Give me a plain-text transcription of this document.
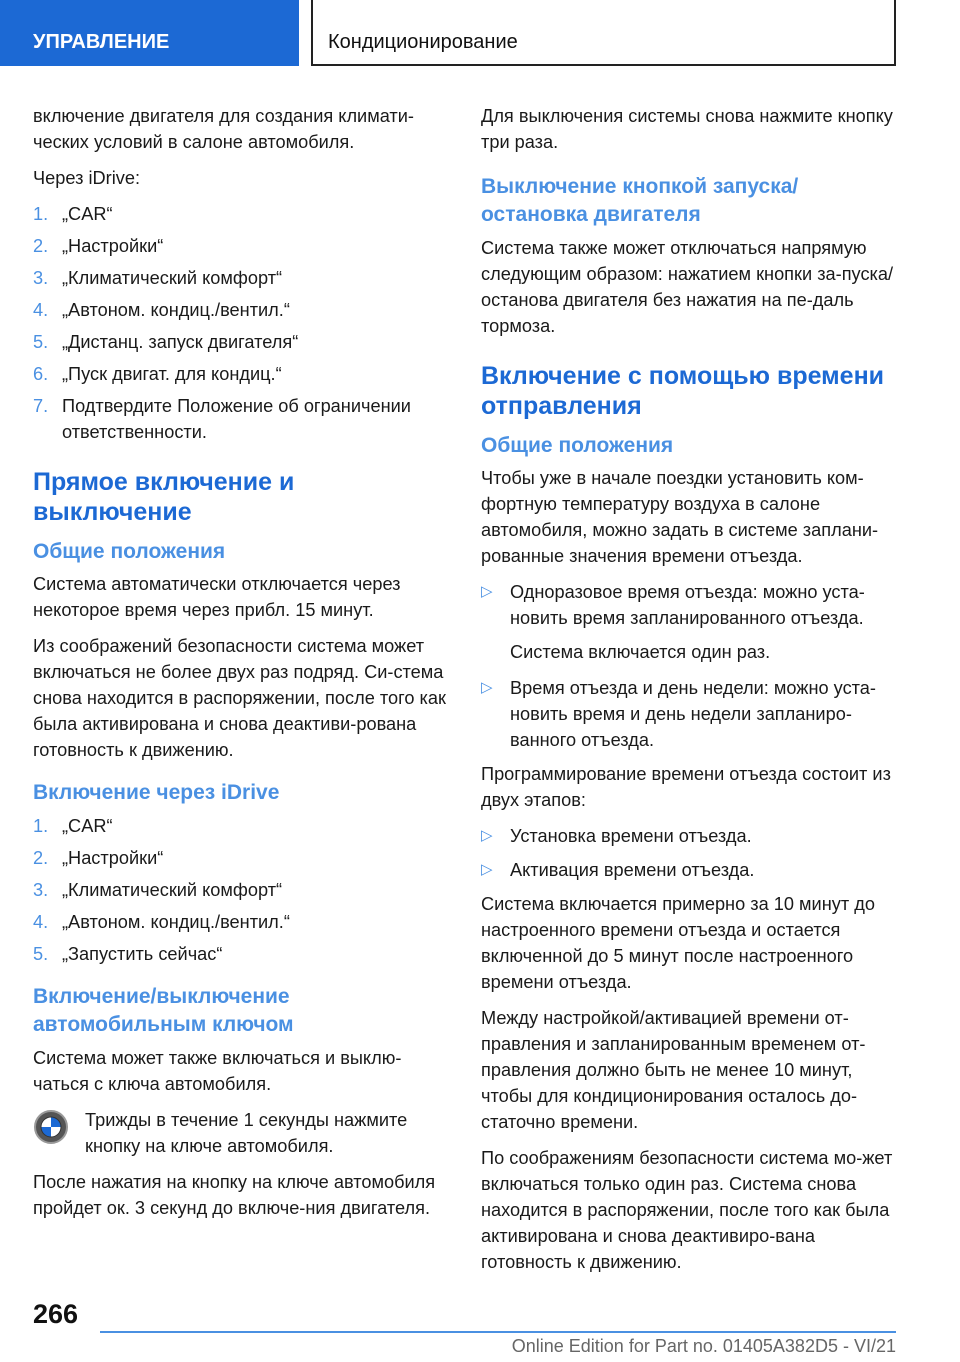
УПРАВЛЕНИЕ	Кондиционирование

включение двигателя для создания климати-ческих условий в салоне автомобиля.

Через iDrive:

1. „CAR“
2. „Настройки“
3. „Климатический комфорт“
4. „Автоном. кондиц./вентил.“
5. „Дистанц. запуск двигателя“
6. „Пуск двигат. для кондиц.“
7. Подтвердите Положение об ограничении ответственности.
Прямое включение и выключение
Общие положения

Система автоматически отключается через некоторое время через прибл. 15 минут.

Из соображений безопасности система может включаться не более двух раз подряд. Си-стема снова находится в распоряжении, после того как была активирована и снова деактиви-рована готовность к движению.

Включение через iDrive
1. „CAR“
2. „Настройки“
3. „Климатический комфорт“
4. „Автоном. кондиц./вентил.“
5. „Запустить сейчас“
Включение/выключение автомобильным ключом

Система может также включаться и выклю-чаться с ключа автомобиля.

Трижды в течение 1 секунды нажмите кнопку на ключе автомобиля.

После нажатия на кнопку на ключе автомобиля пройдет ок. 3 секунд до включе-ния двигателя.

Для выключения системы снова нажмите кнопку три раза.

Выключение кнопкой запуска/ остановка двигателя

Система также может отключаться напрямую следующим образом: нажатием кнопки за-пуска/останова двигателя без нажатия на пе-даль тормоза.

Включение с помощью времени отправления
Общие положения

Чтобы уже в начале поездки установить ком-фортную температуру воздуха в салоне автомобиля, можно задать в системе заплани-рованные значения времени отъезда.

▷ Одноразовое время отъезда: можно уста-новить время запланированного отъезда.

Система включается один раз.

▷ Время отъезда и день недели: можно уста-новить время и день недели запланиро-ванного отъезда.

Программирование времени отъезда состоит из двух этапов:

▷ Установка времени отъезда.
▷ Активация времени отъезда.

Система включается примерно за 10 минут до настроенного времени отъезда и остается включенной до 5 минут после настроенного времени отъезда.

Между настройкой/активацией времени от-правления и запланированным временем от-правления должно быть не менее 10 минут, чтобы для кондиционирования осталось до-статочно времени.

По соображениям безопасности система мо-жет включаться только один раз. Система снова находится в распоряжении, после того как была активирована и снова деактивиро-вана готовность к движению.

266
Online Edition for Part no. 01405A382D5 - VI/21
